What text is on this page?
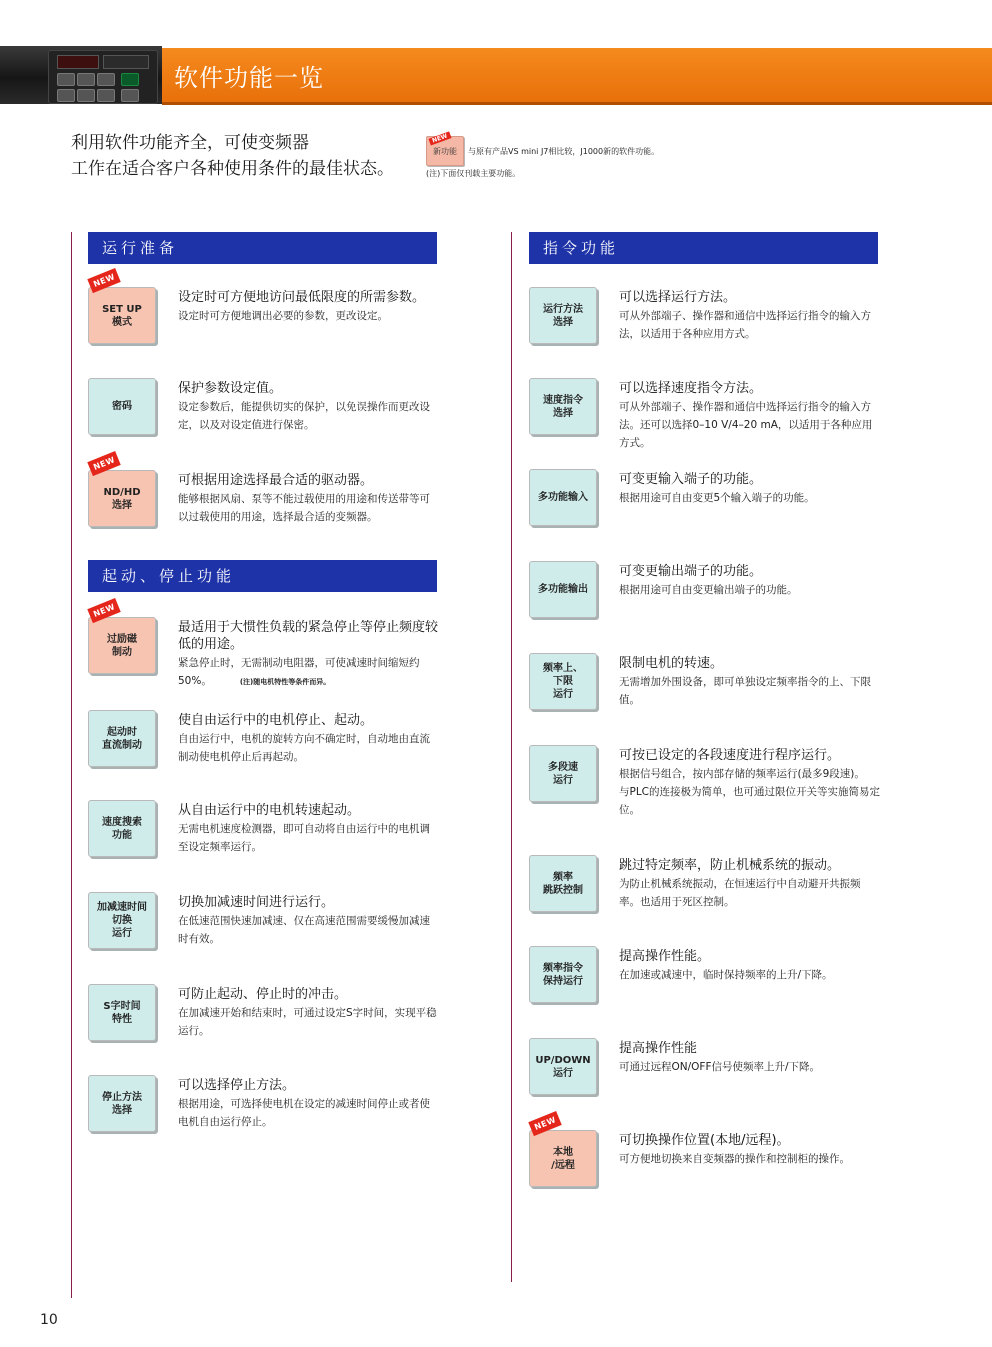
软件功能一览
利用软件功能齐全，可使变频器
工作在适合客户各种使用条件的最佳状态。
NEW
新功能 与原有产品VS mini J7相比较，J1000新的软件功能。
(注)下面仅刊载主要功能。
运行准备
起动、停止功能
指令功能
NEW
SET UP
模式
设定时可方便地访问最低限度的所需参数。
设定时可方便地调出必要的参数，更改设定。
密码
保护参数设定值。
设定参数后，能提供切实的保护，以免误操作而更改设定，以及对设定值进行保密。
NEW
ND/HD
选择
可根据用途选择最合适的驱动器。
能够根据风扇、泵等不能过载使用的用途和传送带等可以过载使用的用途，选择最合适的变频器。
NEW
过励磁
制动
最适用于大惯性负载的紧急停止等停止频度较低的用途。
紧急停止时，无需制动电阻器，可使减速时间缩短约50%。	(注)随电机特性等条件而异。
起动时
直流制动
使自由运行中的电机停止、起动。
自由运行中，电机的旋转方向不确定时，自动地由直流制动使电机停止后再起动。
速度搜索
功能
从自由运行中的电机转速起动。
无需电机速度检测器，即可自动将自由运行中的电机调至设定频率运行。
加减速时间
切换
运行
切换加减速时间进行运行。
在低速范围快速加减速、仅在高速范围需要缓慢加减速时有效。
S字时间
特性
可防止起动、停止时的冲击。
在加减速开始和结束时，可通过设定S字时间，实现平稳运行。
停止方法
选择
可以选择停止方法。
根据用途，可选择使电机在设定的减速时间停止或者使电机自由运行停止。
运行方法
选择
可以选择运行方法。
可从外部端子、操作器和通信中选择运行指令的输入方法，以适用于各种应用方式。
速度指令
选择
可以选择速度指令方法。
可从外部端子、操作器和通信中选择运行指令的输入方法。还可以选择0–10 V/4–20 mA，以适用于各种应用方式。
多功能输入
可变更输入端子的功能。
根据用途可自由变更5个输入端子的功能。
多功能输出
可变更输出端子的功能。
根据用途可自由变更输出端子的功能。
频率上、
下限
运行
限制电机的转速。
无需增加外围设备，即可单独设定频率指令的上、下限值。
多段速
运行
可按已设定的各段速度进行程序运行。
根据信号组合，按内部存储的频率运行(最多9段速)。
与PLC的连接极为简单，也可通过限位开关等实施简易定位。
频率
跳跃控制
跳过特定频率，防止机械系统的振动。
为防止机械系统振动，在恒速运行中自动避开共振频率。也适用于死区控制。
频率指令
保持运行
提高操作性能。
在加速或减速中，临时保持频率的上升/下降。
UP/DOWN
运行
提高操作性能
可通过远程ON/OFF信号使频率上升/下降。
NEW
本地
/远程
可切换操作位置(本地/远程)。
可方便地切换来自变频器的操作和控制柜的操作。
10
